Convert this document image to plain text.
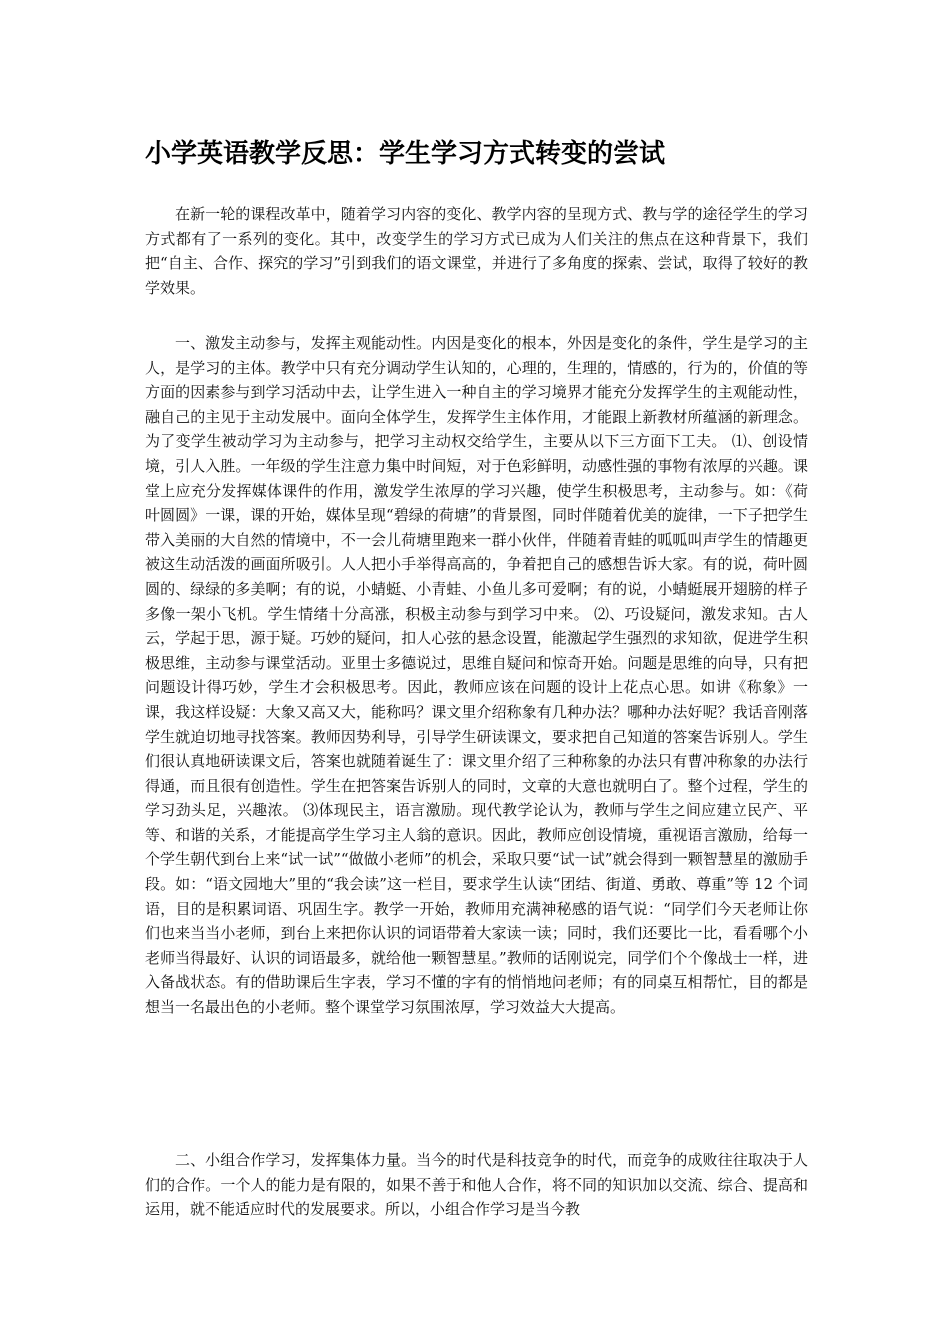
小学英语教学反思：学生学习方式转变的尝试

在新一轮的课程改革中，随着学习内容的变化、教学内容的呈现方式、教与学的途径学生的学习方式都有了一系列的变化。其中，改变学生的学习方式已成为人们关注的焦点在这种背景下，我们把“自主、合作、探究的学习”引到我们的语文课堂，并进行了多角度的探索、尝试，取得了较好的教学效果。

一、激发主动参与，发挥主观能动性。内因是变化的根本，外因是变化的条件，学生是学习的主人，是学习的主体。教学中只有充分调动学生认知的，心理的，生理的，情感的，行为的，价值的等方面的因素参与到学习活动中去，让学生进入一种自主的学习境界才能充分发挥学生的主观能动性，融自己的主见于主动发展中。面向全体学生，发挥学生主体作用，才能跟上新教材所蕴涵的新理念。为了变学生被动学习为主动参与，把学习主动权交给学生，主要从以下三方面下工夫。 ⑴、创设情境，引人入胜。一年级的学生注意力集中时间短，对于色彩鲜明，动感性强的事物有浓厚的兴趣。课堂上应充分发挥媒体课件的作用，激发学生浓厚的学习兴趣，使学生积极思考，主动参与。如：《荷叶圆圆》一课，课的开始，媒体呈现“碧绿的荷塘”的背景图，同时伴随着优美的旋律，一下子把学生带入美丽的大自然的情境中，不一会儿荷塘里跑来一群小伙伴，伴随着青蛙的呱呱叫声学生的情趣更被这生动活泼的画面所吸引。人人把小手举得高高的，争着把自己的感想告诉大家。有的说，荷叶圆圆的、绿绿的多美啊；有的说，小蜻蜓、小青蛙、小鱼儿多可爱啊；有的说，小蜻蜓展开翅膀的样子多像一架小飞机。学生情绪十分高涨，积极主动参与到学习中来。 ⑵、巧设疑问，激发求知。古人云，学起于思，源于疑。巧妙的疑问，扣人心弦的悬念设置，能激起学生强烈的求知欲，促进学生积极思维，主动参与课堂活动。亚里士多德说过，思维自疑问和惊奇开始。问题是思维的向导，只有把问题设计得巧妙，学生才会积极思考。因此，教师应该在问题的设计上花点心思。如讲《称象》一课，我这样设疑：大象又高又大，能称吗？课文里介绍称象有几种办法？哪种办法好呢？我话音刚落学生就迫切地寻找答案。教师因势利导，引导学生研读课文，要求把自己知道的答案告诉别人。学生们很认真地研读课文后，答案也就随着诞生了：课文里介绍了三种称象的办法只有曹冲称象的办法行得通，而且很有创造性。学生在把答案告诉别人的同时，文章的大意也就明白了。整个过程，学生的学习劲头足，兴趣浓。 ⑶体现民主，语言激励。现代教学论认为，教师与学生之间应建立民产、平等、和谐的关系，才能提高学生学习主人翁的意识。因此，教师应创设情境，重视语言激励，给每一个学生朝代到台上来“试一试”“做做小老师”的机会，采取只要“试一试”就会得到一颗智慧星的激励手段。如：“语文园地大”里的“我会读”这一栏目，要求学生认读“团结、街道、勇敢、尊重”等 12 个词语，目的是积累词语、巩固生字。教学一开始，教师用充满神秘感的语气说：“同学们今天老师让你们也来当当小老师，到台上来把你认识的词语带着大家读一读；同时，我们还要比一比，看看哪个小老师当得最好、认识的词语最多，就给他一颗智慧星。”教师的话刚说完，同学们个个像战士一样，进入备战状态。有的借助课后生字表，学习不懂的字有的悄悄地问老师；有的同桌互相帮忙，目的都是想当一名最出色的小老师。整个课堂学习氛围浓厚，学习效益大大提高。

二、小组合作学习，发挥集体力量。当今的时代是科技竞争的时代，而竞争的成败往往取决于人们的合作。一个人的能力是有限的，如果不善于和他人合作，将不同的知识加以交流、综合、提高和运用，就不能适应时代的发展要求。所以，小组合作学习是当今教
